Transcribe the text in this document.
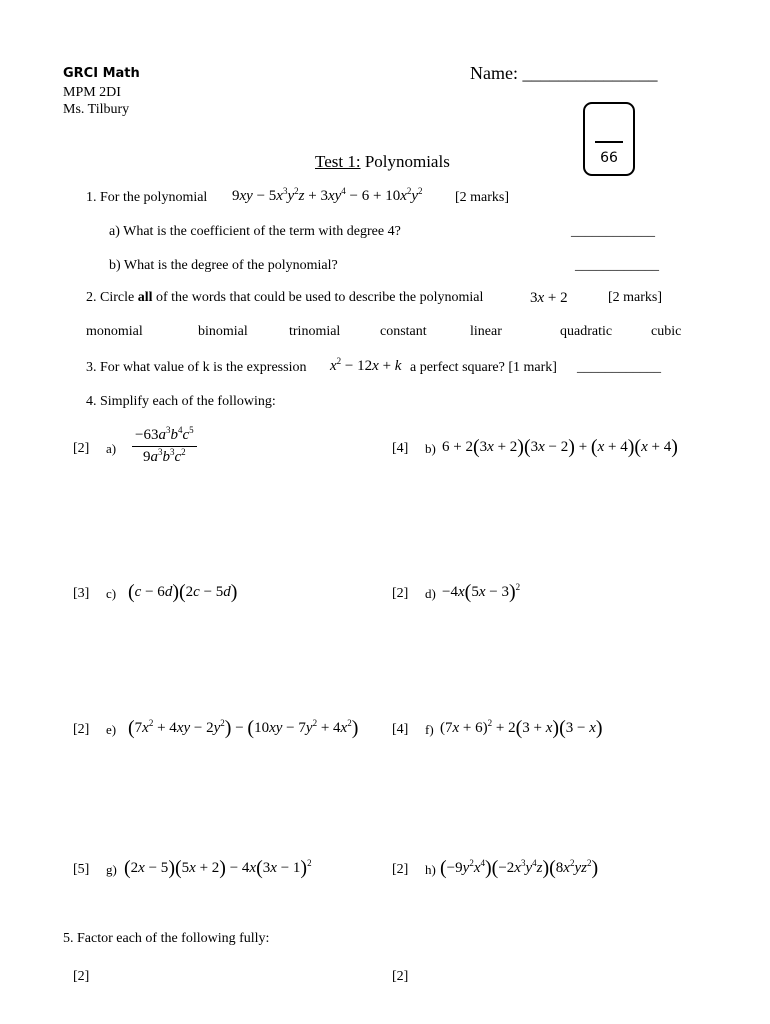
GRCI Math
MPM 2DI
Ms. Tilbury
Name: _______________
66
Test 1: Polynomials
1. For the polynomial $9xy - 5x^3y^2z + 3xy^4 - 6 + 10x^2y^2$ [2 marks]
a) What is the coefficient of the term with degree 4?	____________
b) What is the degree of the polynomial?	____________
2. Circle all of the words that could be used to describe the polynomial	3x + 2	[2 marks]
monomial	binomial	trinomial	constant	linear	quadratic	cubic
3. For what value of k is the expression $x^2 - 12x + k$ a perfect square? [1 mark] ____________
4. Simplify each of the following:
[2] $a) \frac{-63a^3b^4c^5}{9a^3b^3c^2}$	[4] b) 6 + 2(3x + 2)(3x − 2) + (x + 4)(x + 4)
[3] c) (c − 6d)(2c − 5d)	[2] $d) -4x(5x - 3)^2$
[2] e) $(7x^2 + 4xy - 2y^2) - (10xy - 7y^2 + 4x^2)$ [4] f) $(7x + 6)^2 + 2(3 + x)(3 - x)$
[5] g) $(2x - 5)(5x + 2) - 4x(3x - 1)^2$	[2] h) $(-9y^2x^4)(-2x^3y^4z)(8x^2yz^2)$
5. Factor each of the following fully:
[2]	[2]
